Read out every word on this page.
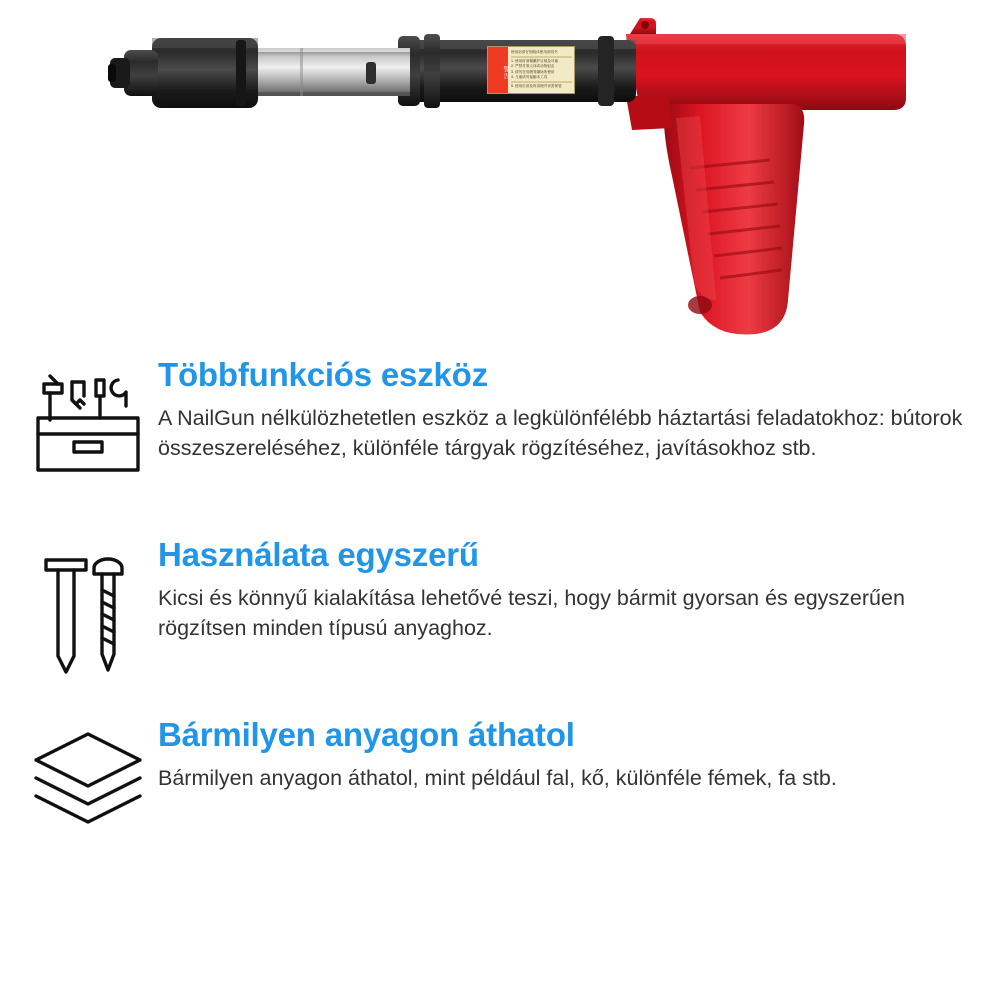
警告
使用前请仔细阅读使用说明书
1. 使用时请佩戴护目镜及耳塞
2. 严禁对准人体或动物射击
3. 请勿在易燃易爆场所使用
4. 儿童请勿接触本工具
5. 使用后请及时清理并妥善保管
Többfunkciós eszköz

A NailGun nélkülözhetetlen eszköz a legkülönfélébb háztartási feladatokhoz: bútorok összeszereléséhez, különféle tárgyak rögzítéséhez, javításokhoz stb.

Használata egyszerű

Kicsi és könnyű kialakítása lehetővé teszi, hogy bármit gyorsan és egyszerűen rögzítsen minden típusú anyaghoz.

Bármilyen anyagon áthatol

Bármilyen anyagon áthatol, mint például fal, kő, különféle fémek, fa stb.
